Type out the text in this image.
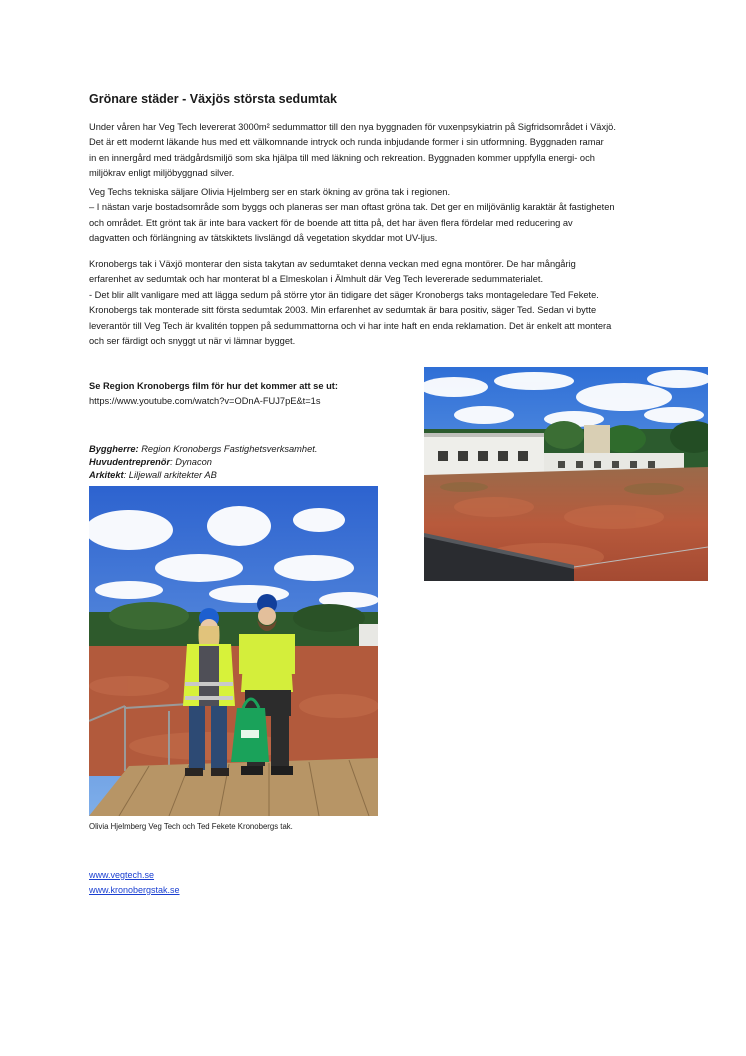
Grönare städer - Växjös största sedumtak
Under våren har Veg Tech levererat 3000m² sedummattor till den nya byggnaden för vuxenpsykiatrin på Sigfridsområdet i Växjö.
Det är ett modernt läkande hus med ett välkomnande intryck och runda inbjudande former i sin utformning. Byggnaden ramar
in en innergård med trädgårdsmiljö som ska hjälpa till med läkning och rekreation. Byggnaden kommer uppfylla energi- och
miljökrav enligt miljöbyggnad silver.
Veg Techs tekniska säljare Olivia Hjelmberg ser en stark ökning av gröna tak i regionen.
– I nästan varje bostadsområde som byggs och planeras ser man oftast gröna tak. Det ger en miljövänlig karaktär åt fastigheten
och området. Ett grönt tak är inte bara vackert för de boende att titta på, det har även flera fördelar med reducering av
dagvatten och förlängning av tätskiktets livslängd då vegetation skyddar mot UV-ljus.
Kronobergs tak i Växjö monterar den sista takytan av sedumtaket denna veckan med egna montörer. De har mångårig
erfarenhet av sedumtak och har monterat bl a Elmeskolan i Älmhult där Veg Tech levererade sedummaterialet.
- Det blir allt vanligare med att lägga sedum på större ytor än tidigare det säger Kronobergs taks montageledare Ted Fekete.
Kronobergs tak monterade sitt första sedumtak 2003. Min erfarenhet av sedumtak är bara positiv, säger Ted. Sedan vi bytte
leverantör till Veg Tech är kvalitén toppen på sedummattorna och vi har inte haft en enda reklamation. Det är enkelt att montera
och ser färdigt och snyggt ut när vi lämnar bygget.
Se Region Kronobergs film för hur det kommer att se ut:
https://www.youtube.com/watch?v=ODnA-FUJ7pE&t=1s
Byggherre: Region Kronobergs Fastighetsverksamhet.
Huvudentreprenör: Dynacon
Arkitekt: Liljewall arkitekter AB

Olivia Hjelmberg Veg Tech och Ted Fekete Kronobergs tak.

www.vegtech.se
www.kronobergstak.se
